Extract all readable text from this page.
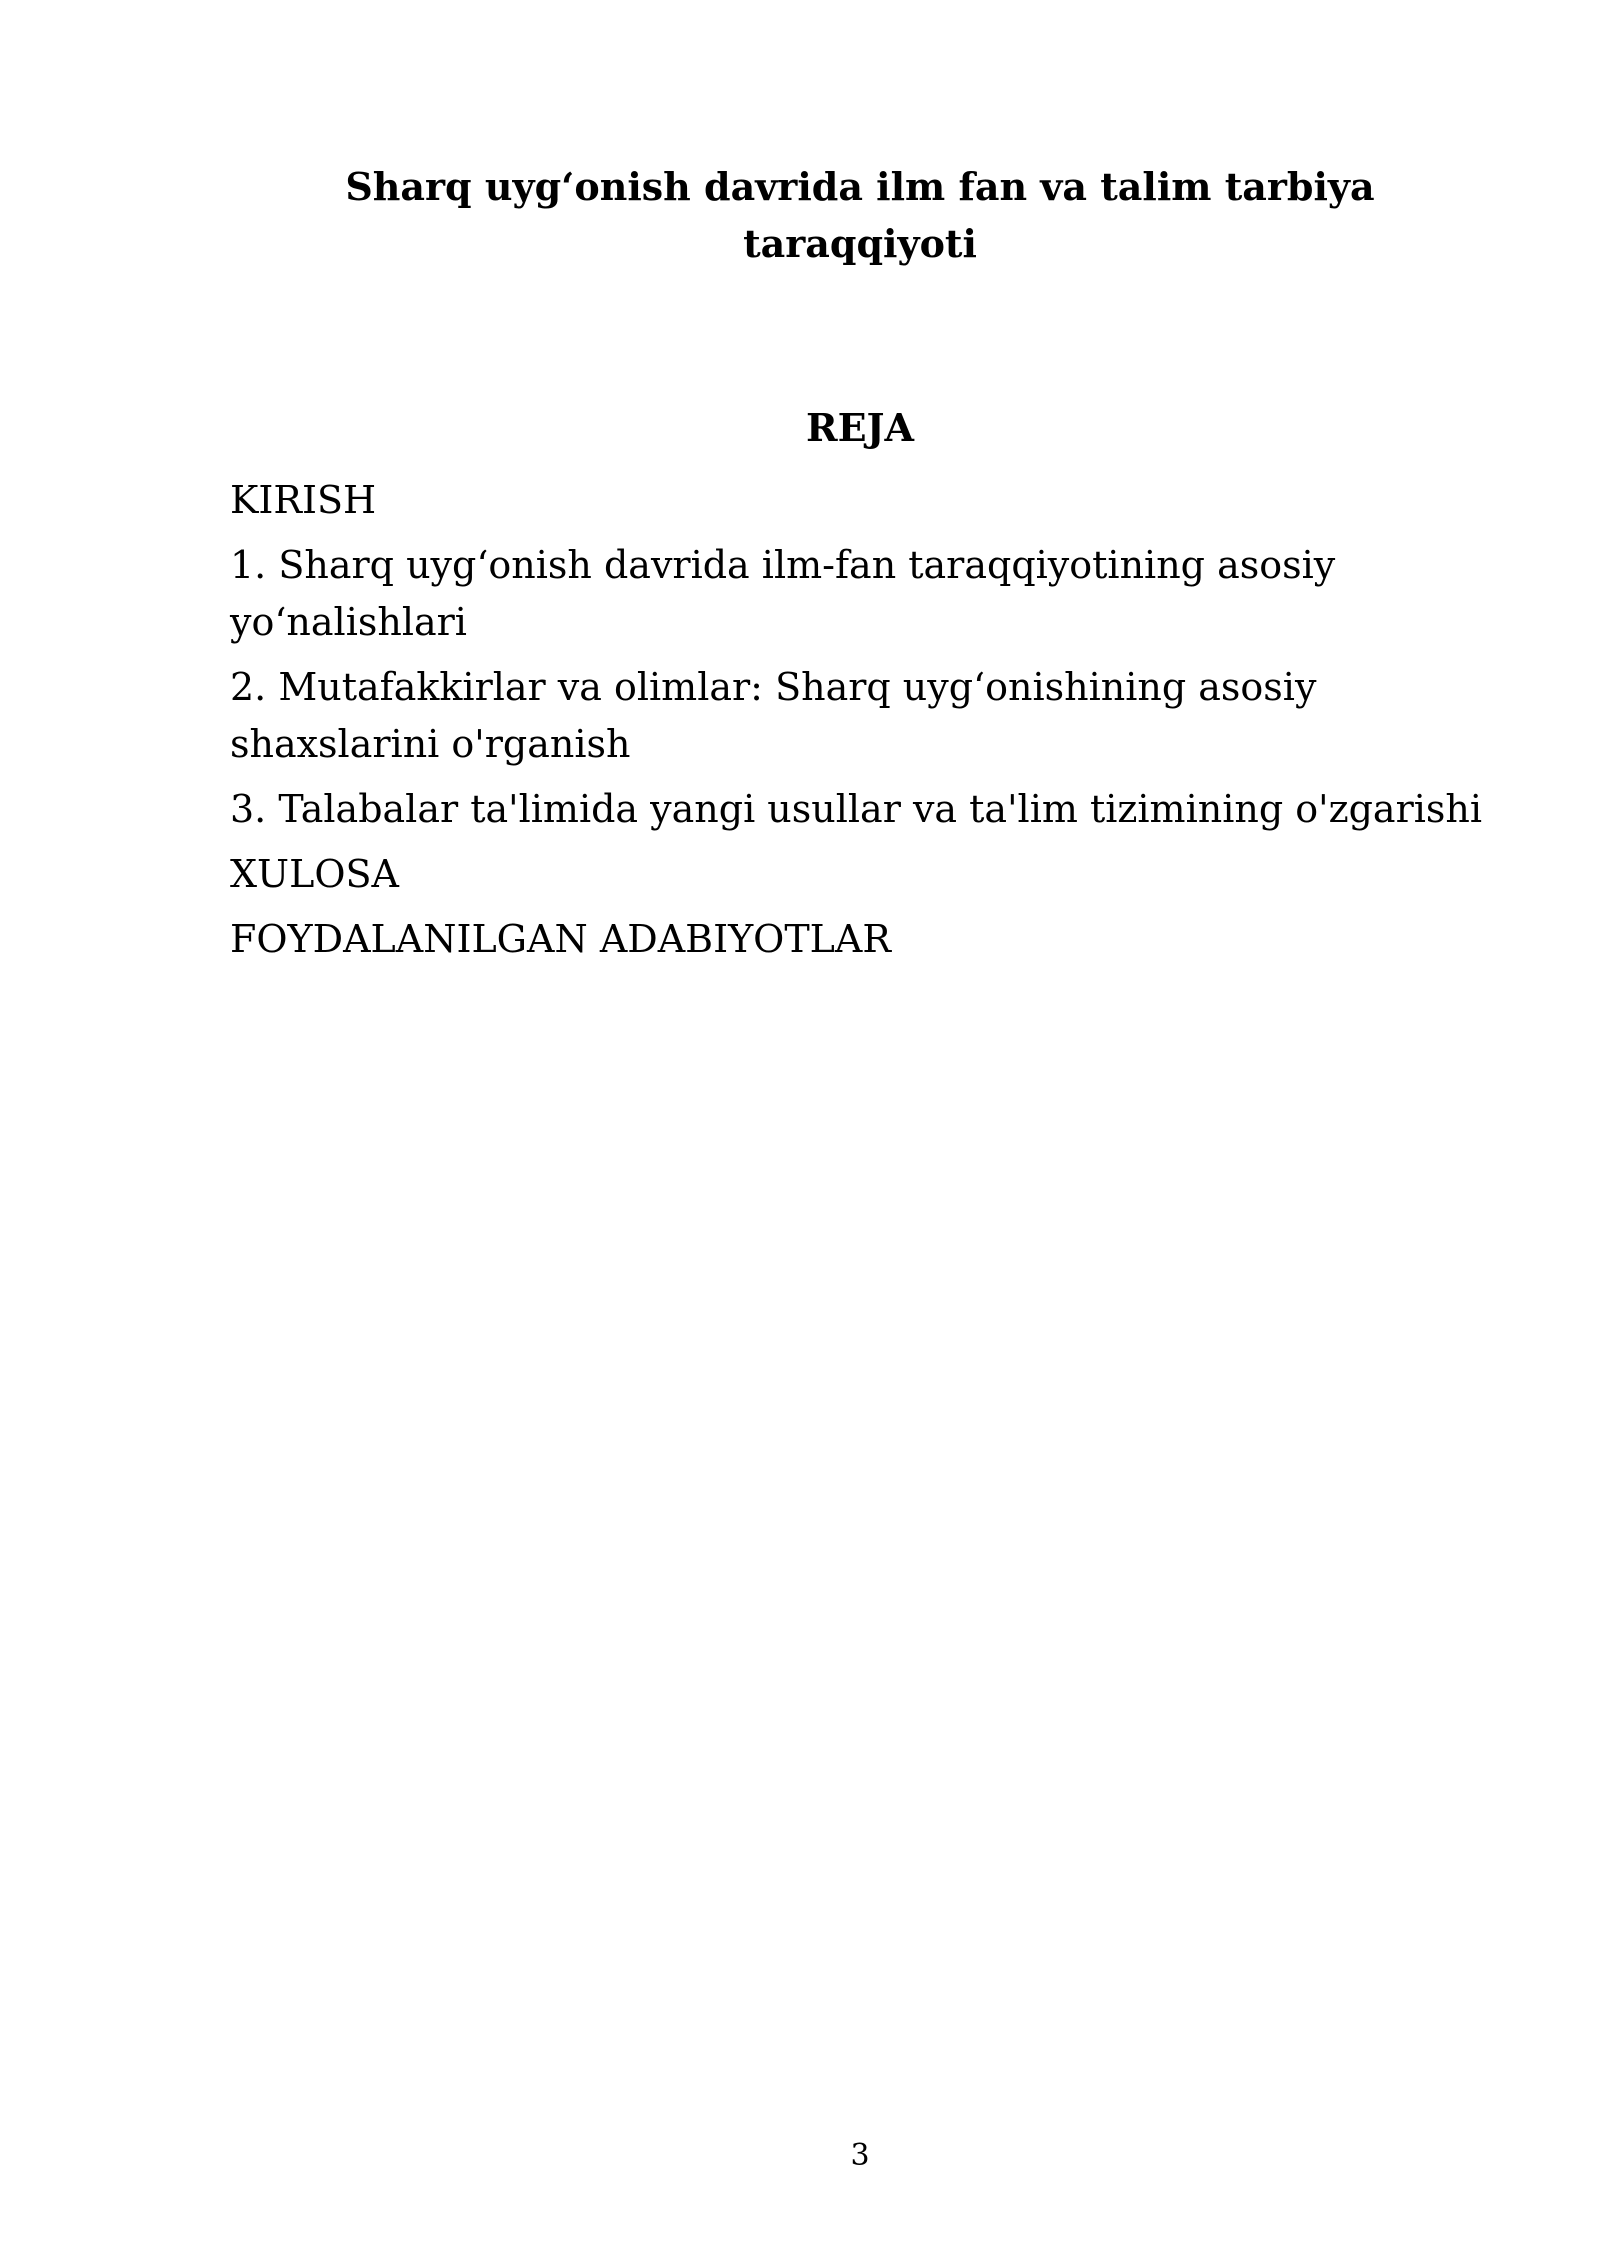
Sharq uyg‘onish davrida ilm fan va talim tarbiya taraqqiyoti
REJA
KIRISH
1. Sharq uyg‘onish davrida ilm-fan taraqqiyotining asosiy yo‘nalishlari
2. Mutafakkirlar va olimlar: Sharq uyg‘onishining asosiy shaxslarini o'rganish
3. Talabalar ta'limida yangi usullar va ta'lim tizimining o'zgarishi
XULOSA
FOYDALANILGAN ADABIYOTLAR
3
